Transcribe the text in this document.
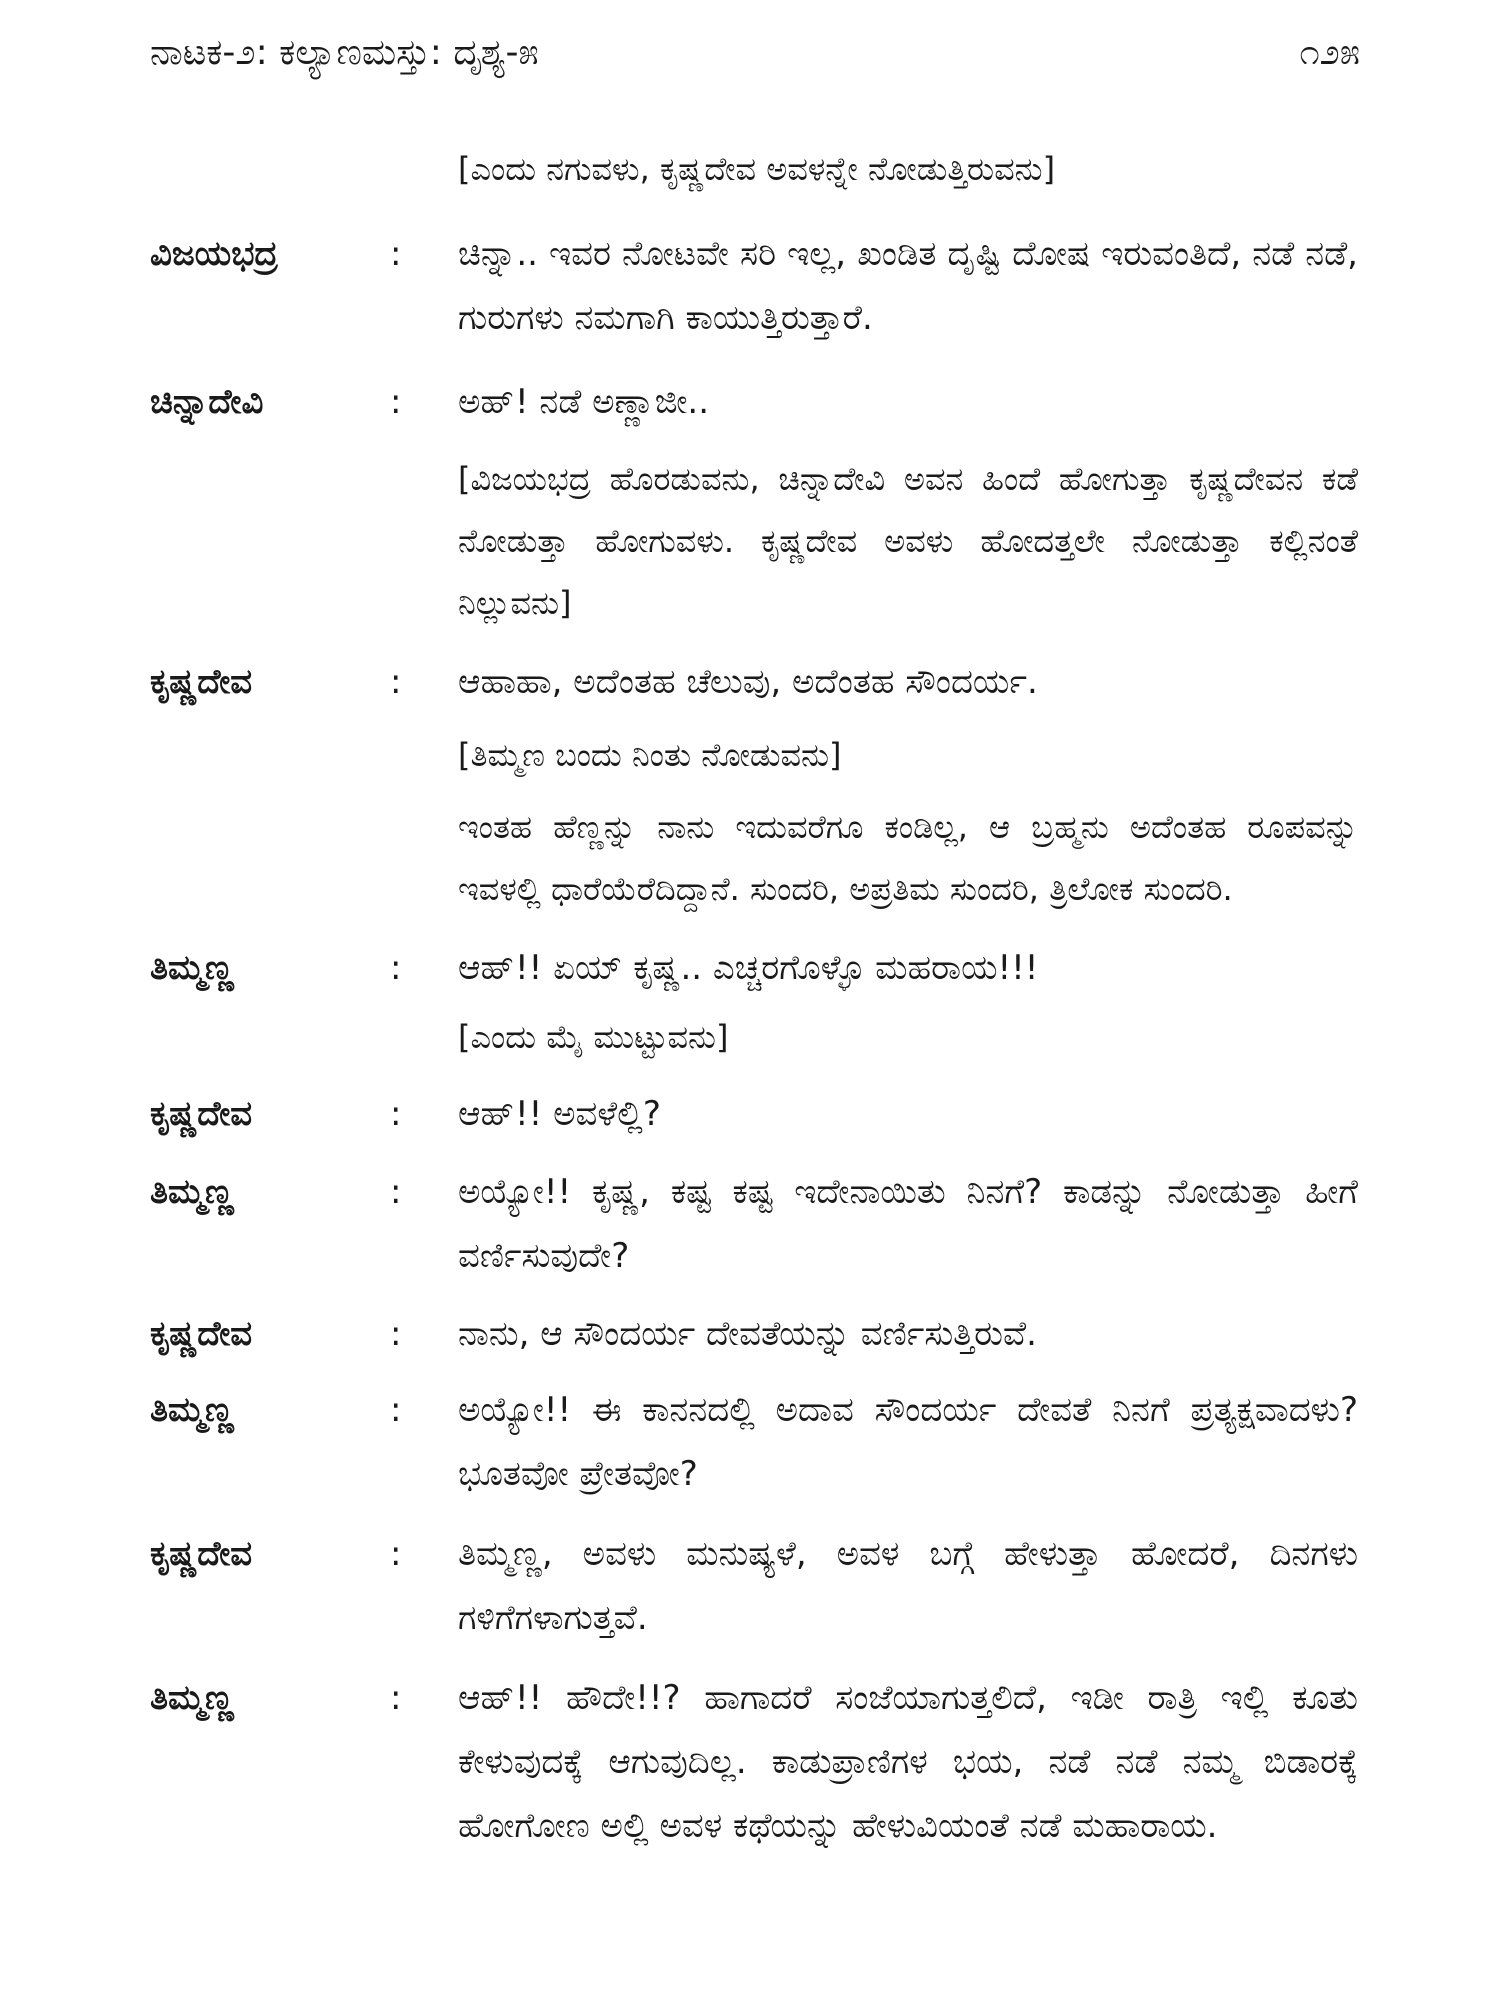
ನಾಟಕ-೨: ಕಲ್ಯಾಣಮಸ್ತು: ದೃಶ್ಯ-೫	೧೨೫
[ಎಂದು ನಗುವಳು, ಕೃಷ್ಣದೇವ ಅವಳನ್ನೇ ನೋಡುತ್ತಿರುವನು]
ವಿಜಯಭದ್ರ	: ಚಿನ್ನಾ.. ಇವರ ನೋಟವೇ ಸರಿ ಇಲ್ಲ, ಖಂಡಿತ ದೃಷ್ಟಿ ದೋಷ ಇರುವಂತಿದೆ, ನಡೆ ನಡೆ, ಗುರುಗಳು ನಮಗಾಗಿ ಕಾಯುತ್ತಿರುತ್ತಾರೆ.
ಚಿನ್ನಾದೇವಿ	: ಅಹ್! ನಡೆ ಅಣ್ಣಾಜೀ..
[ವಿಜಯಭದ್ರ ಹೊರಡುವನು, ಚಿನ್ನಾದೇವಿ ಅವನ ಹಿಂದೆ ಹೋಗುತ್ತಾ ಕೃಷ್ಣದೇವನ ಕಡೆ ನೋಡುತ್ತಾ ಹೋಗುವಳು. ಕೃಷ್ಣದೇವ ಅವಳು ಹೋದತ್ತಲೇ ನೋಡುತ್ತಾ ಕಲ್ಲಿನಂತೆ ನಿಲ್ಲುವನು]
ಕೃಷ್ಣದೇವ	: ಆಹಾಹಾ, ಅದೆಂತಹ ಚೆಲುವು, ಅದೆಂತಹ ಸೌಂದರ್ಯ.
[ತಿಮ್ಮಣ ಬಂದು ನಿಂತು ನೋಡುವನು]
ಇಂತಹ ಹೆಣ್ಣನ್ನು ನಾನು ಇದುವರೆಗೂ ಕಂಡಿಲ್ಲ, ಆ ಬ್ರಹ್ಮನು ಅದೆಂತಹ ರೂಪವನ್ನು ಇವಳಲ್ಲಿ ಧಾರೆಯೆರೆದಿದ್ದಾನೆ. ಸುಂದರಿ, ಅಪ್ರತಿಮ ಸುಂದರಿ, ತ್ರಿಲೋಕ ಸುಂದರಿ.
ತಿಮ್ಮಣ್ಣ	: ಆಹ್!! ಏಯ್ ಕೃಷ್ಣ.. ಎಚ್ಚರಗೊಳ್ಳೊ ಮಹರಾಯ!!!
[ಎಂದು ಮೈ ಮುಟ್ಟುವನು]
ಕೃಷ್ಣದೇವ	: ಆಹ್!! ಅವಳೆಲ್ಲಿ?
ತಿಮ್ಮಣ್ಣ	: ಅಯ್ಯೋ!! ಕೃಷ್ಣ, ಕಷ್ಟ ಕಷ್ಟ ಇದೇನಾಯಿತು ನಿನಗೆ? ಕಾಡನ್ನು ನೋಡುತ್ತಾ ಹೀಗೆ ವರ್ಣಿಸುವುದೇ?
ಕೃಷ್ಣದೇವ	: ನಾನು, ಆ ಸೌಂದರ್ಯ ದೇವತೆಯನ್ನು ವರ್ಣಿಸುತ್ತಿರುವೆ.
ತಿಮ್ಮಣ್ಣ	: ಅಯ್ಯೋ!! ಈ ಕಾನನದಲ್ಲಿ ಅದಾವ ಸೌಂದರ್ಯ ದೇವತೆ ನಿನಗೆ ಪ್ರತ್ಯಕ್ಷವಾದಳು? ಭೂತವೋ ಪ್ರೇತವೋ?
ಕೃಷ್ಣದೇವ	: ತಿಮ್ಮಣ್ಣ, ಅವಳು ಮನುಷ್ಯಳೆ, ಅವಳ ಬಗ್ಗೆ ಹೇಳುತ್ತಾ ಹೋದರೆ, ದಿನಗಳು ಗಳಿಗೆಗಳಾಗುತ್ತವೆ.
ತಿಮ್ಮಣ್ಣ	: ಆಹ್!! ಹೌದೇ!!? ಹಾಗಾದರೆ ಸಂಜೆಯಾಗುತ್ತಲಿದೆ, ಇಡೀ ರಾತ್ರಿ ಇಲ್ಲಿ ಕೂತು ಕೇಳುವುದಕ್ಕೆ ಆಗುವುದಿಲ್ಲ. ಕಾಡುಪ್ರಾಣಿಗಳ ಭಯ, ನಡೆ ನಡೆ ನಮ್ಮ ಬಿಡಾರಕ್ಕೆ ಹೋಗೋಣ ಅಲ್ಲಿ ಅವಳ ಕಥೆಯನ್ನು ಹೇಳುವಿಯಂತೆ ನಡೆ ಮಹಾರಾಯ.
